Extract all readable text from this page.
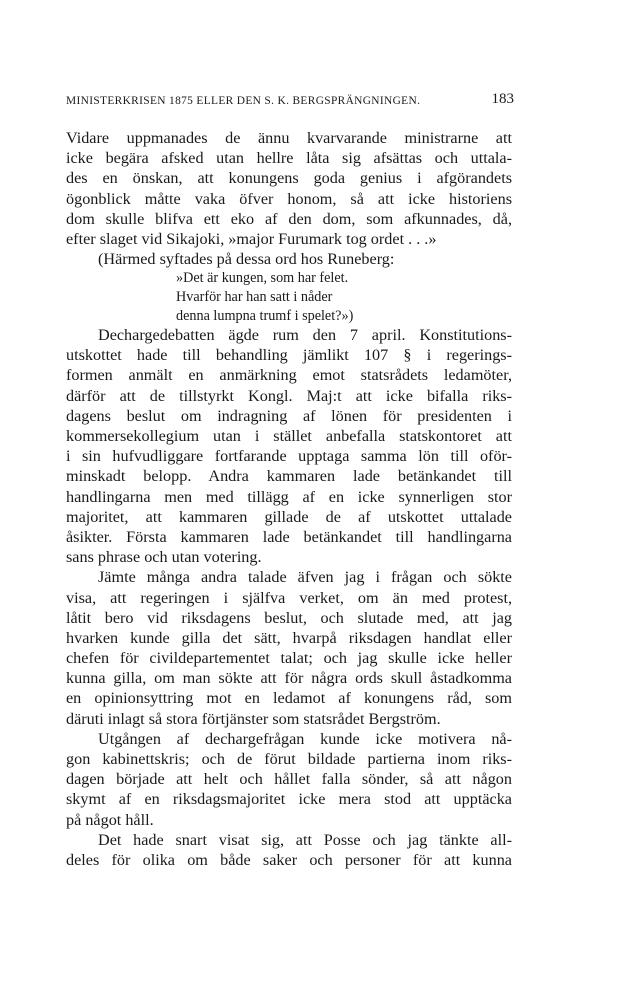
MINISTERKRISEN 1875 ELLER DEN S. K. BERGSPRÄNGNINGEN.	183
Vidare uppmanades de ännu kvarvarande ministrarne att
icke begära afsked utan hellre låta sig afsättas och uttala-
des en önskan, att konungens goda genius i afgörandets
ögonblick måtte vaka öfver honom, så att icke historiens
dom skulle blifva ett eko af den dom, som afkunnades, då,
efter slaget vid Sikajoki, »major Furumark tog ordet . . .»
(Härmed syftades på dessa ord hos Runeberg:
»Det är kungen, som har felet.
Hvarför har han satt i nåder
denna lumpna trumf i spelet?»)
Dechargedebatten ägde rum den 7 april. Konstitutions-
utskottet hade till behandling jämlikt 107 § i regerings-
formen anmält en anmärkning emot statsrådets ledamöter,
därför att de tillstyrkt Kongl. Maj:t att icke bifalla riks-
dagens beslut om indragning af lönen för presidenten i
kommersekollegium utan i stället anbefalla statskontoret att
i sin hufvudliggare fortfarande upptaga samma lön till oför-
minskadt belopp. Andra kammaren lade betänkandet till
handlingarna men med tillägg af en icke synnerligen stor
majoritet, att kammaren gillade de af utskottet uttalade
åsikter. Första kammaren lade betänkandet till handlingarna
sans phrase och utan votering.
Jämte många andra talade äfven jag i frågan och sökte
visa, att regeringen i själfva verket, om än med protest,
låtit bero vid riksdagens beslut, och slutade med, att jag
hvarken kunde gilla det sätt, hvarpå riksdagen handlat eller
chefen för civildepartementet talat; och jag skulle icke heller
kunna gilla, om man sökte att för några ords skull åstadkomma
en opinionsyttring mot en ledamot af konungens råd, som
däruti inlagt så stora förtjänster som statsrådet Bergström.
Utgången af dechargefrågan kunde icke motivera nå-
gon kabinettskris; och de förut bildade partierna inom riks-
dagen började att helt och hållet falla sönder, så att någon
skymt af en riksdagsmajoritet icke mera stod att upptäcka
på något håll.
Det hade snart visat sig, att Posse och jag tänkte all-
deles för olika om både saker och personer för att kunna
